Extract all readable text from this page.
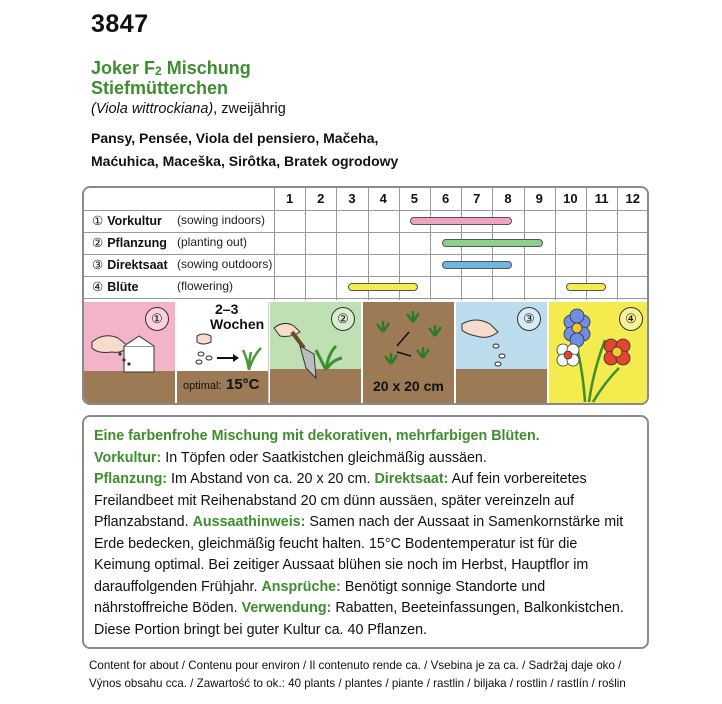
3847
Joker $F_2$ Mischung
Stiefmütterchen
(Viola wittrockiana), zweijährig
Pansy, Pensée, Viola del pensiero, Mačeha,
Maćuhica, Maceška, Sirôtka, Bratek ogrodowy
1	2	3	4	5	6	7	8	9	10	11	12
① Vorkultur (sowing indoors)
② Pflanzung (planting out)
③ Direktsaat (sowing outdoors)
④ Blüte	(flowering)
①
2–3
Wochen
optimal: 15°C
②
20 x 20 cm
③	④

Eine farbenfrohe Mischung mit dekorativen, mehrfarbigen Blüten.

Vorkultur: In Töpfen oder Saatkistchen gleichmäßig aussäen.
Pflanzung: Im Abstand von ca. 20 x 20 cm. Direktsaat: Auf fein vorbereitetes Freilandbeet mit Reihenabstand 20 cm dünn aussäen, später vereinzeln auf Pflanzabstand. Aussaathinweis: Samen nach der Aussaat in Samenkornstärke mit Erde bedecken, gleichmäßig feucht halten. 15°C Bodentemperatur ist für die Keimung optimal. Bei zeitiger Aussaat blühen sie noch im Herbst, Hauptflor im darauffolgenden Frühjahr. Ansprüche: Benötigt sonnige Standorte und nährstoffreiche Böden. Verwendung: Rabatten, Beeteinfassungen, Balkonkistchen. Diese Portion bringt bei guter Kultur ca. 40 Pflanzen.

Content for about / Contenu pour environ / Il contenuto rende ca. / Vsebina je za ca. / Sadržaj daje oko /
Výnos obsahu cca. / Zawartość to ok.: 40 plants / plantes / piante / rastlin / biljaka / rostlin / rastlín / roślin
